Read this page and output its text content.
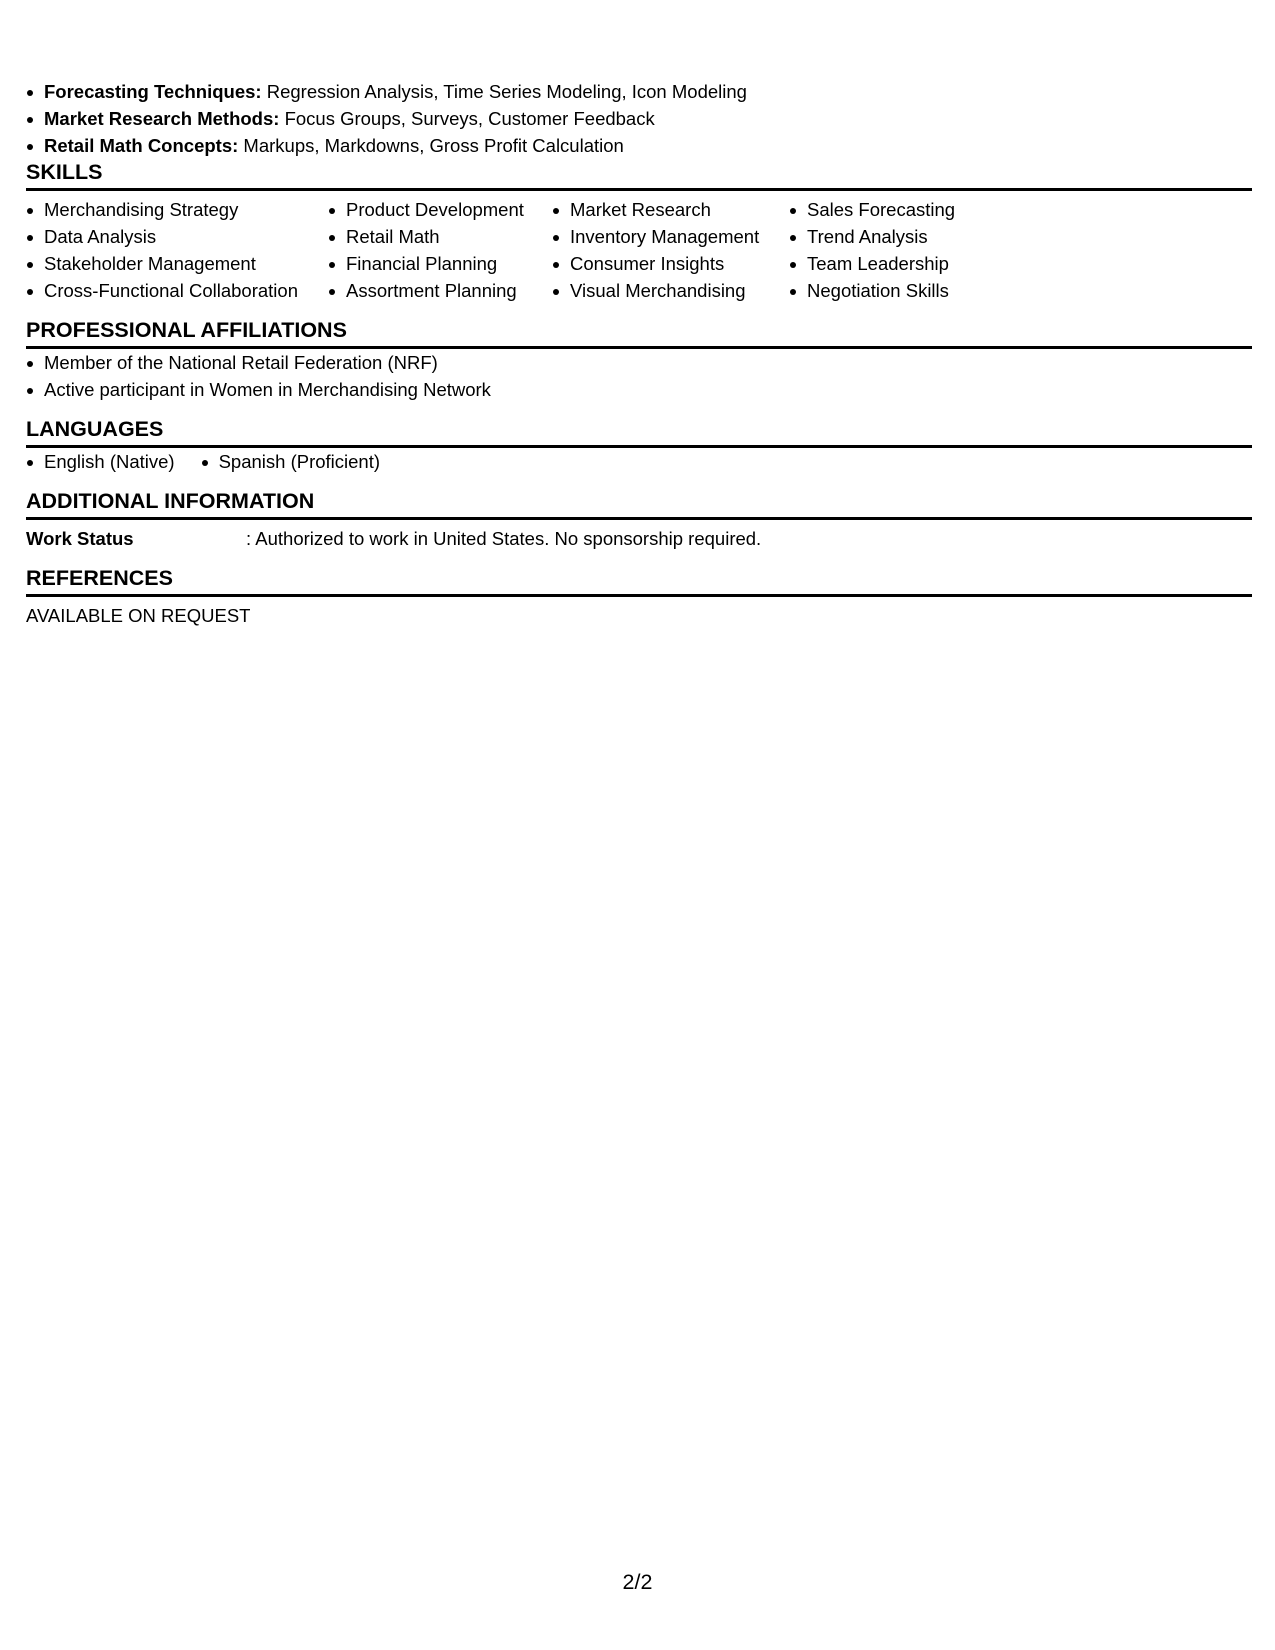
Forecasting Techniques: Regression Analysis, Time Series Modeling, Icon Modeling
Market Research Methods: Focus Groups, Surveys, Customer Feedback
Retail Math Concepts: Markups, Markdowns, Gross Profit Calculation
SKILLS
Merchandising Strategy
Data Analysis
Stakeholder Management
Cross-Functional Collaboration
Product Development
Retail Math
Financial Planning
Assortment Planning
Market Research
Inventory Management
Consumer Insights
Visual Merchandising
Sales Forecasting
Trend Analysis
Team Leadership
Negotiation Skills
PROFESSIONAL AFFILIATIONS
Member of the National Retail Federation (NRF)
Active participant in Women in Merchandising Network
LANGUAGES
English (Native)	Spanish (Proficient)
ADDITIONAL INFORMATION
Work Status	: Authorized to work in United States. No sponsorship required.
REFERENCES
AVAILABLE ON REQUEST
2/2
